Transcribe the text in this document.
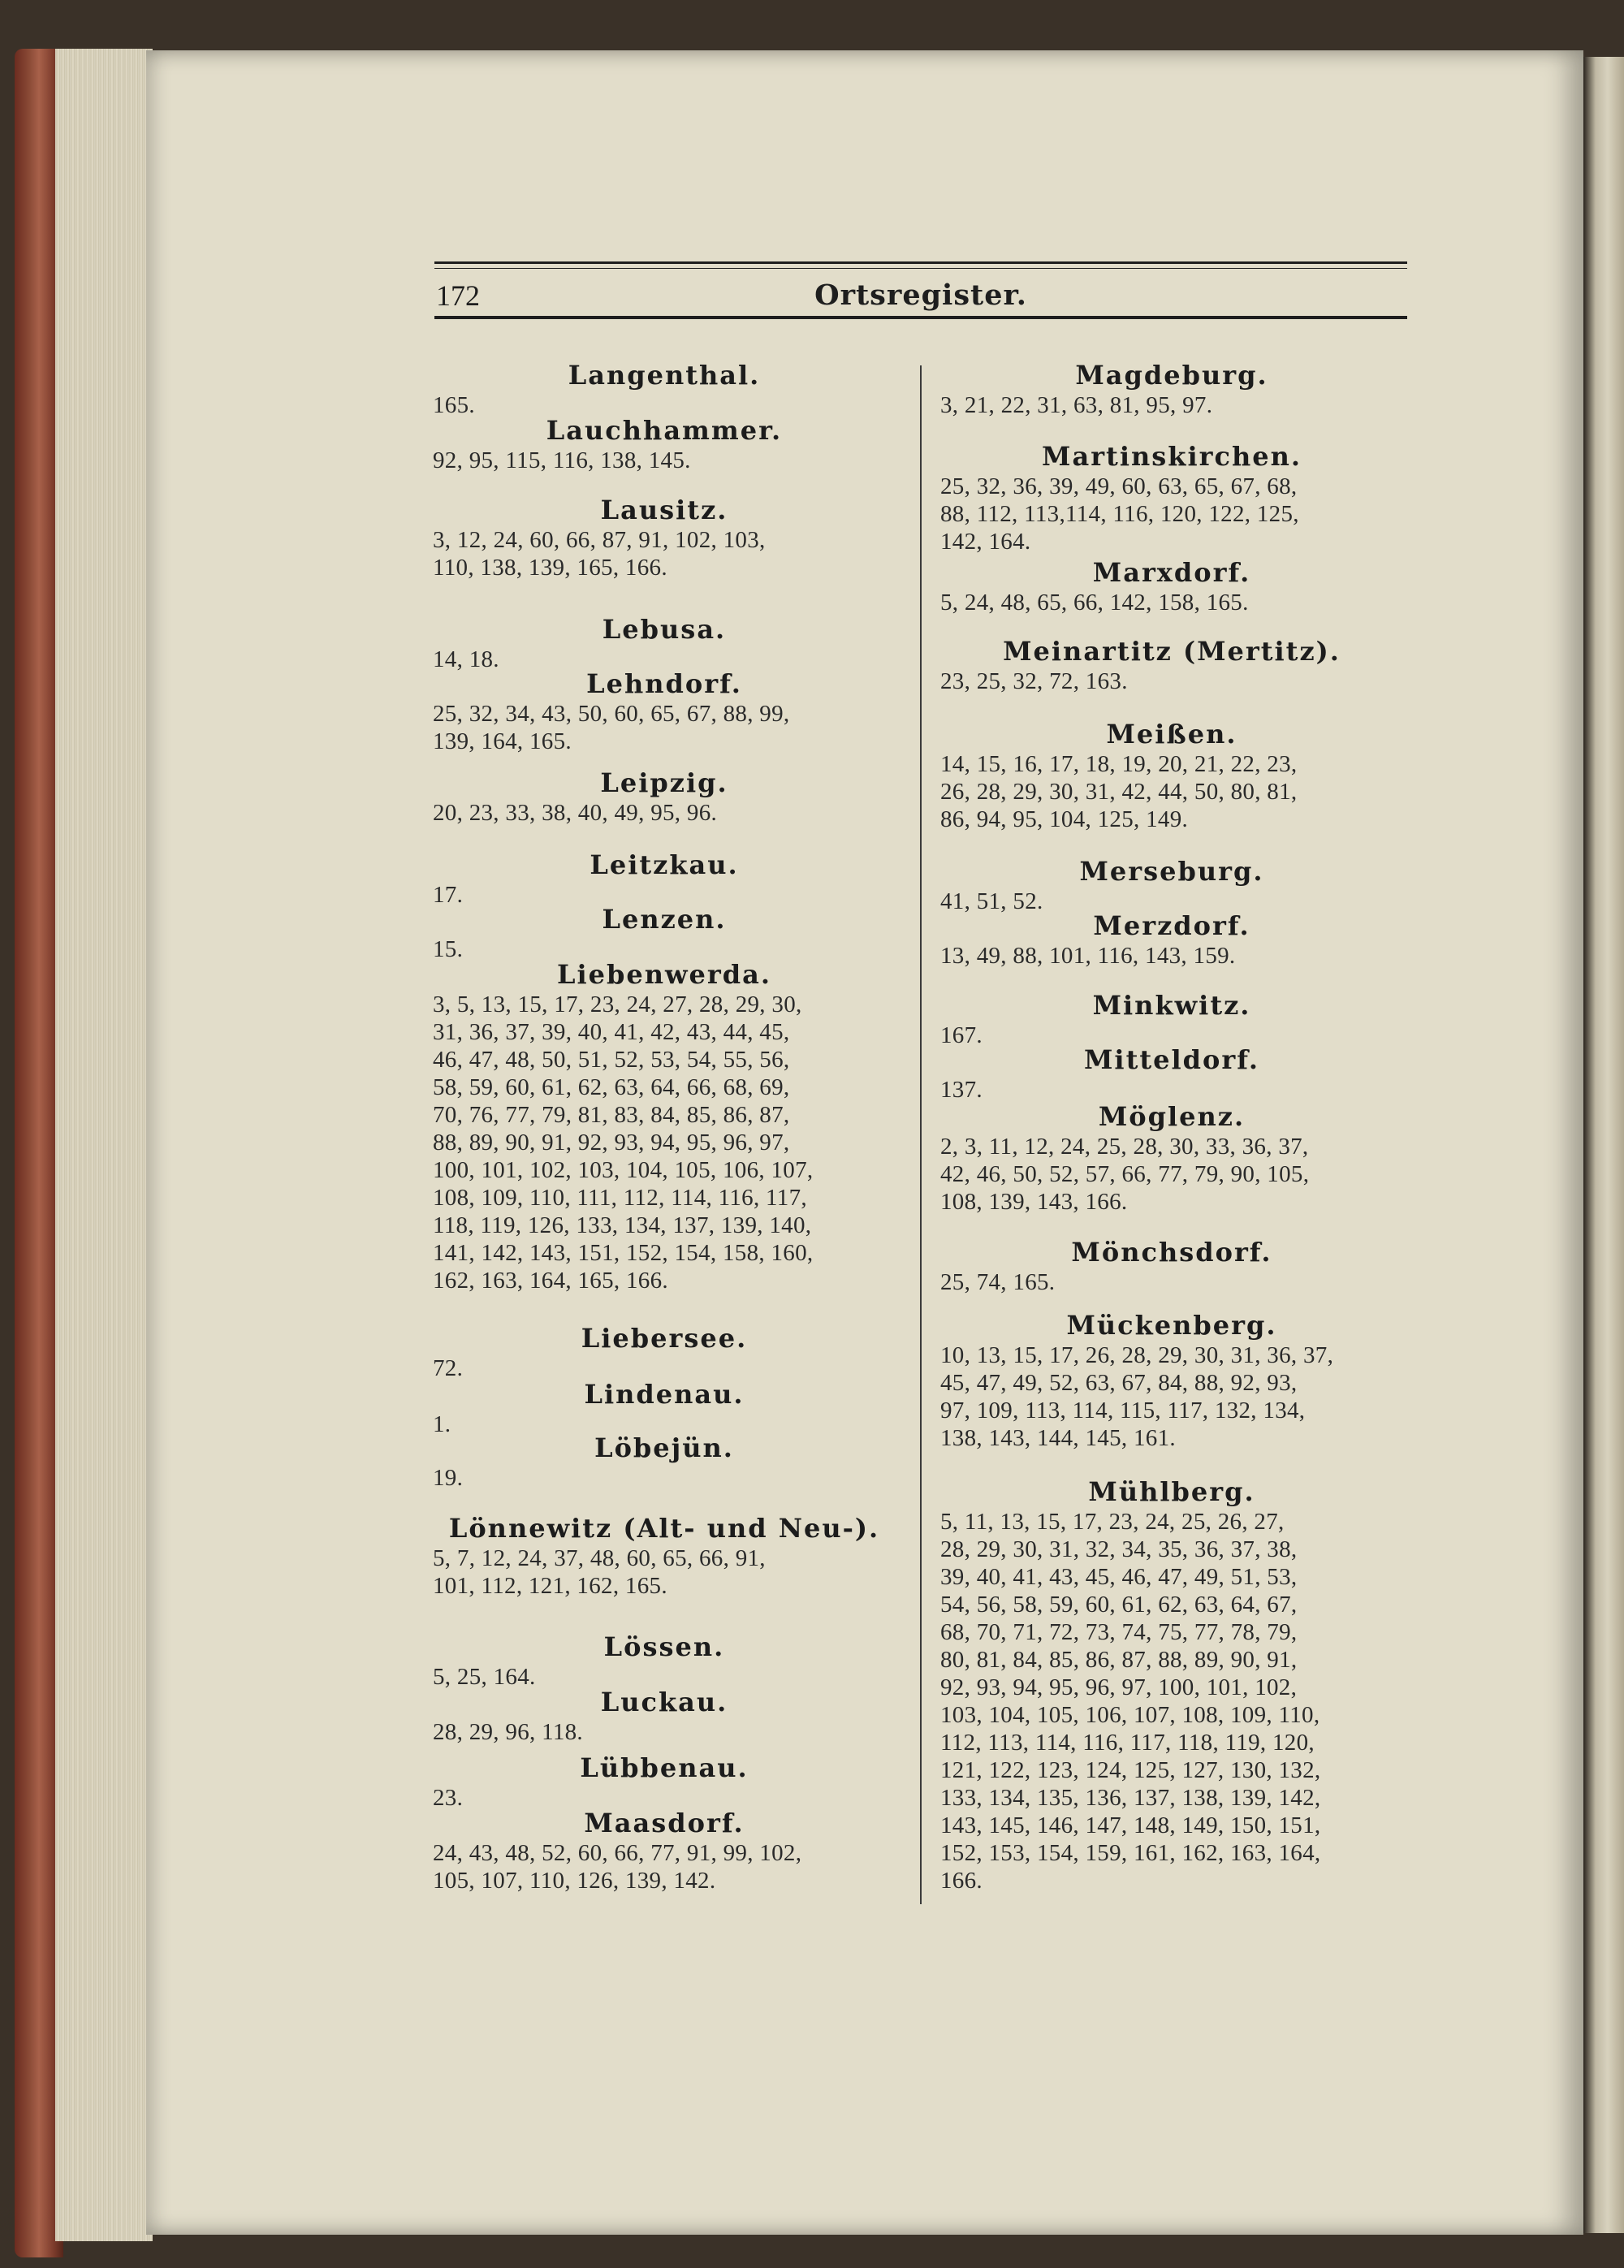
172	Ortsregister.
Langenthal.

165.

Lauchhammer.

92, 95, 115, 116, 138, 145.

Lausitz.

3, 12, 24, 60, 66, 87, 91, 102, 103,

110, 138, 139, 165, 166.

Lebusa.

14, 18.

Lehndorf.

25, 32, 34, 43, 50, 60, 65, 67, 88, 99,

139, 164, 165.

Leipzig.

20, 23, 33, 38, 40, 49, 95, 96.

Leitzkau.

17.

Lenzen.

15.

Liebenwerda.

3, 5, 13, 15, 17, 23, 24, 27, 28, 29, 30,

31, 36, 37, 39, 40, 41, 42, 43, 44, 45,

46, 47, 48, 50, 51, 52, 53, 54, 55, 56,

58, 59, 60, 61, 62, 63, 64, 66, 68, 69,

70, 76, 77, 79, 81, 83, 84, 85, 86, 87,

88, 89, 90, 91, 92, 93, 94, 95, 96, 97,

100, 101, 102, 103, 104, 105, 106, 107,

108, 109, 110, 111, 112, 114, 116, 117,

118, 119, 126, 133, 134, 137, 139, 140,

141, 142, 143, 151, 152, 154, 158, 160,

162, 163, 164, 165, 166.

Liebersee.

72.

Lindenau.

1.

Löbejün.

19.

Lönnewitz (Alt- und Neu-).

5, 7, 12, 24, 37, 48, 60, 65, 66, 91,

101, 112, 121, 162, 165.

Lössen.

5, 25, 164.

Luckau.

28, 29, 96, 118.

Lübbenau.

23.

Maasdorf.

24, 43, 48, 52, 60, 66, 77, 91, 99, 102,

105, 107, 110, 126, 139, 142.

Magdeburg.

3, 21, 22, 31, 63, 81, 95, 97.

Martinskirchen.

25, 32, 36, 39, 49, 60, 63, 65, 67, 68,

88, 112, 113,114, 116, 120, 122, 125,

142, 164.

Marxdorf.

5, 24, 48, 65, 66, 142, 158, 165.

Meinartitz (Mertitz).

23, 25, 32, 72, 163.

Meißen.

14, 15, 16, 17, 18, 19, 20, 21, 22, 23,

26, 28, 29, 30, 31, 42, 44, 50, 80, 81,

86, 94, 95, 104, 125, 149.

Merseburg.

41, 51, 52.

Merzdorf.

13, 49, 88, 101, 116, 143, 159.

Minkwitz.

167.

Mitteldorf.

137.

Möglenz.

2, 3, 11, 12, 24, 25, 28, 30, 33, 36, 37,

42, 46, 50, 52, 57, 66, 77, 79, 90, 105,

108, 139, 143, 166.

Mönchsdorf.

25, 74, 165.

Mückenberg.

10, 13, 15, 17, 26, 28, 29, 30, 31, 36, 37,

45, 47, 49, 52, 63, 67, 84, 88, 92, 93,

97, 109, 113, 114, 115, 117, 132, 134,

138, 143, 144, 145, 161.

Mühlberg.

5, 11, 13, 15, 17, 23, 24, 25, 26, 27,

28, 29, 30, 31, 32, 34, 35, 36, 37, 38,

39, 40, 41, 43, 45, 46, 47, 49, 51, 53,

54, 56, 58, 59, 60, 61, 62, 63, 64, 67,

68, 70, 71, 72, 73, 74, 75, 77, 78, 79,

80, 81, 84, 85, 86, 87, 88, 89, 90, 91,

92, 93, 94, 95, 96, 97, 100, 101, 102,

103, 104, 105, 106, 107, 108, 109, 110,

112, 113, 114, 116, 117, 118, 119, 120,

121, 122, 123, 124, 125, 127, 130, 132,

133, 134, 135, 136, 137, 138, 139, 142,

143, 145, 146, 147, 148, 149, 150, 151,

152, 153, 154, 159, 161, 162, 163, 164,

166.
